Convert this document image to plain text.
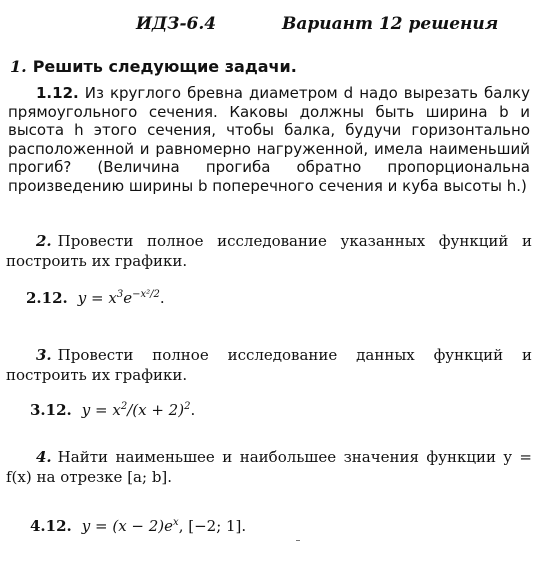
ИДЗ-6.4	Вариант 12 решения
1. Решить следующие задачи.

1.12. Из круглого бревна диаметром d надо вырезать балку прямоугольного сечения. Каковы должны быть ширина b и высота h этого сечения, чтобы балка, будучи горизонтально расположенной и равномерно нагруженной, имела наименьший прогиб? (Величина прогиба обратно пропорциональна произведению ширины b поперечного сечения и куба высоты h.)

2. Провести полное исследование указанных функций и построить их графики.

2.12. $y = x^3e^{-x^2/2}$.

3. Провести полное исследование данных функций и построить их графики.

3.12. $y = x^2/(x + 2)^2$.

4. Найти наименьшее и наибольшее значения функции y = f(x) на отрезке [a; b].

4.12. $y = (x - 2)e^x$, [−2; 1].
